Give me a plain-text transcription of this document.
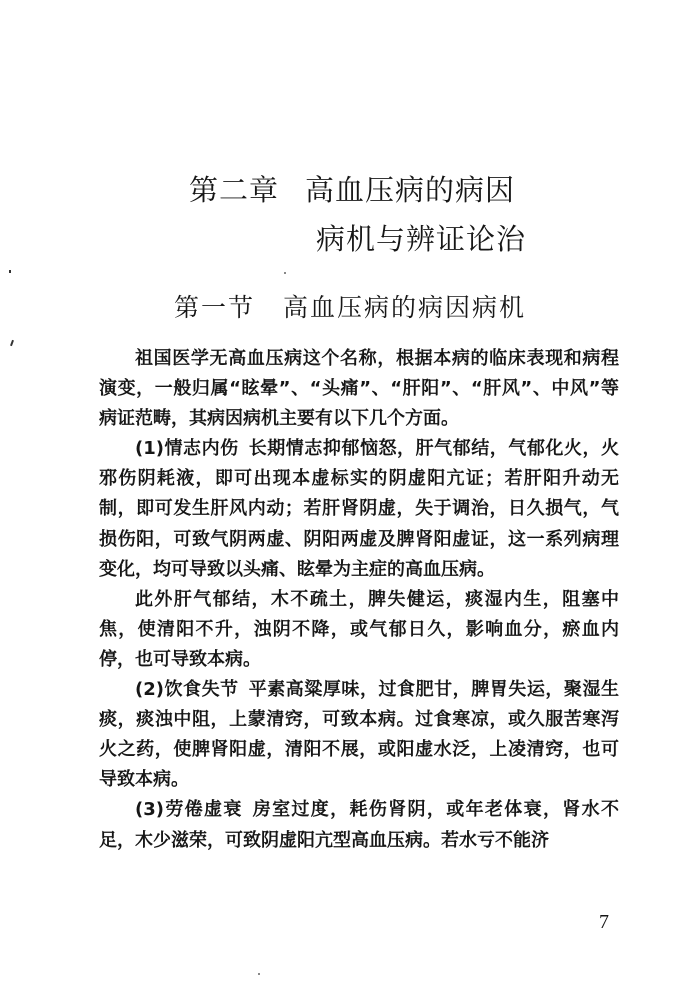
第二章 高血压病的病因
病机与辨证论治
第一节 高血压病的病因病机

祖国医学无高血压病这个名称，根据本病的临床表现和病程演变，一般归属“眩晕”、“头痛”、“肝阳”、“肝风”、中风”等病证范畴，其病因病机主要有以下几个方面。

(1)情志内伤 长期情志抑郁恼怒，肝气郁结，气郁化火，火邪伤阴耗液，即可出现本虚标实的阴虚阳亢证；若肝阳升动无制，即可发生肝风内动；若肝肾阴虚，失于调治，日久损气，气损伤阳，可致气阴两虚、阴阳两虚及脾肾阳虚证，这一系列病理变化，均可导致以头痛、眩晕为主症的高血压病。

此外肝气郁结，木不疏土，脾失健运，痰湿内生，阻塞中焦，使清阳不升，浊阴不降，或气郁日久，影响血分，瘀血内停，也可导致本病。

(2)饮食失节 平素高粱厚味，过食肥甘，脾胃失运，聚湿生痰，痰浊中阻，上蒙清窍，可致本病。过食寒凉，或久服苦寒泻火之药，使脾肾阳虚，清阳不展，或阳虚水泛，上凌清窍，也可导致本病。

(3)劳倦虚衰 房室过度，耗伤肾阴，或年老体衰，肾水不足，木少滋荣，可致阴虚阳亢型高血压病。若水亏不能济

7
